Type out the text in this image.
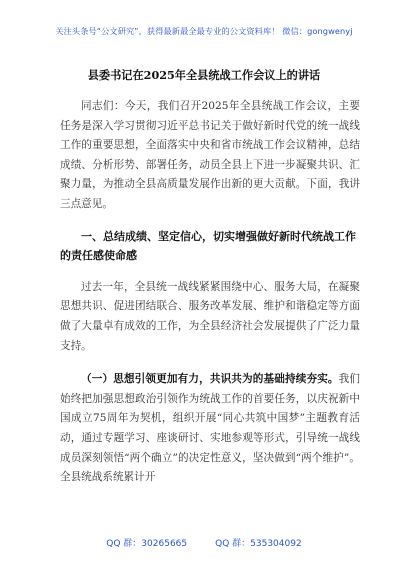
关注头条号“公文研究”，获得最新最全最专业的公文资料库！ 微信：gongwenyj
县委书记在2025年全县统战工作会议上的讲话

同志们：今天，我们召开2025年全县统战工作会议，主要任务是深入学习贯彻习近平总书记关于做好新时代党的统一战线工作的重要思想，全面落实中央和省市统战工作会议精神，总结成绩、分析形势、部署任务，动员全县上下进一步凝聚共识、汇聚力量，为推动全县高质量发展作出新的更大贡献。下面，我讲三点意见。

一、总结成绩、坚定信心，切实增强做好新时代统战工作的责任感使命感

过去一年，全县统一战线紧紧围绕中心、服务大局，在凝聚思想共识、促进团结联合、服务改革发展、维护和谐稳定等方面做了大量卓有成效的工作，为全县经济社会发展提供了广泛力量支持。

（一）思想引领更加有力，共识共为的基础持续夯实。我们始终把加强思想政治引领作为统战工作的首要任务，以庆祝新中国成立75周年为契机，组织开展“同心共筑中国梦”主题教育活动，通过专题学习、座谈研讨、实地参观等形式，引导统一战线成员深刻领悟“两个确立”的决定性意义，坚决做到“两个维护”。全县统战系统累计开

QQ 群：30265665	QQ 群：535304092
